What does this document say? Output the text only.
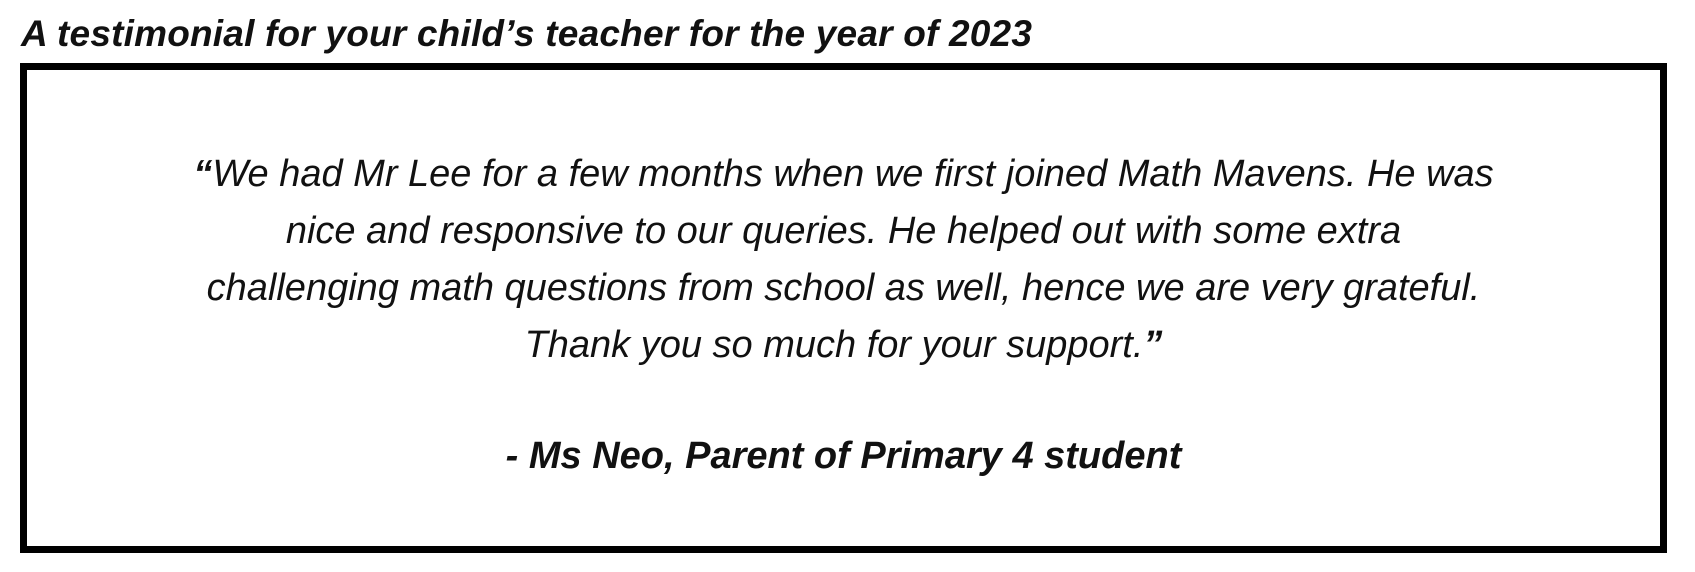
A testimonial for your child’s teacher for the year of 2023

“We had Mr Lee for a few months when we first joined Math Mavens. He was
nice and responsive to our queries. He helped out with some extra
challenging math questions from school as well, hence we are very grateful.
Thank you so much for your support.”

- Ms Neo, Parent of Primary 4 student
